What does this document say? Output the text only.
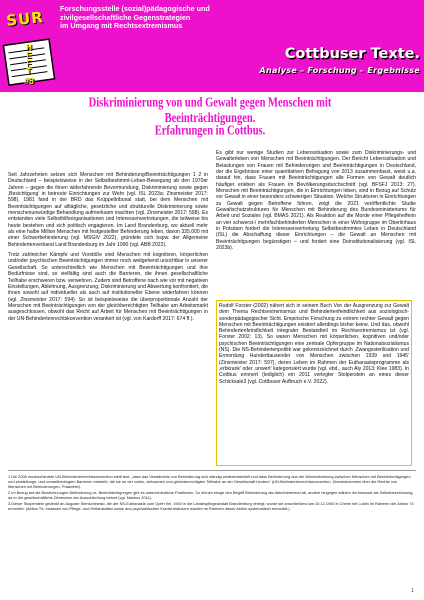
SUR
H
E
F
T
#3
Forschungsstelle (sozial)pädagogische und
zivilgesellschaftliche Gegenstrategien
im Umgang mit Rechtsextremismus
Cottbuser Texte.
Analyse – Forschung – Ergebnisse
Diskriminierung von und Gewalt gegen Menschen mit Beeinträchtigungen.
Erfahrungen in Cottbus.

Seit Jahrzehnten setzen sich Menschen mit Behinderung/Beeinträchtigungen 1 2 in Deutschland – beispielsweise in der Selbstbestimmt-Leben-Bewegung ab den 1970er Jahren – gegen die ihnen widerfahrende Bevormundung, Diskriminierung sowie gegen ‚Besichtigung' in betreute Einrichtungen zur Wehr (vgl. ISL 2023a; Zinsmeister 2017: 598). 1981 fand in der BRD das Krüppeltribunal statt, bei dem Menschen mit Beeinträchtigungen auf alltägliche, gesetzliche und strukturelle Diskriminierung sowie menschenunwürdige Behandlung aufmerksam machten (vgl. Zinsmeister 2017: 598). Es entstanden viele Selbsthilfeorganisationen und Interessenvertretungen, die teilweise bis heute bestehen und sich politisch engagieren. Im Land Brandenburg, wo aktuell mehr als eine halbe Million Menschen mit festgestellter Behinderung leben, davon 335.000 mit einer Schwerbehinderung (vgl. MSGIV 2022), gründete sich bspw. der Allgemeine Behindertenverband Land Brandenburg im Jahr 1990 (vgl. ABB 2022).

Trotz zahlreicher Kämpfe und Vorstöße sind Menschen mit kognitiven, körperlichen und/oder psychischen Beeinträchtigungen immer noch weitgehend unsichtbar in unserer Gesellschaft. So unterschiedlich wie Menschen mit Beeinträchtigungen und ihre Bedürfnisse sind, so vielfältig sind auch die Barrieren, die ihnen gesellschaftliche Teilhabe erschweren bzw. verwehren. Zudem sind Betroffene nach wie vor mit negativen Einstellungen, Ablehnung, Ausgrenzung, Diskriminierung und Abwertung konfrontiert, die ihnen sowohl auf individueller als auch auf institutioneller Ebene widerfahren können (vgl. Zinsmeister 2017: 594). So ist beispielsweise die überproportionale Anzahl der Menschen mit Beeinträchtigungen von der gleichberechtigten Teilhabe am Arbeitsmarkt ausgeschlossen, obwohl das Recht auf Arbeit für Menschen mit Beeinträchtigungen in der UN-Behindertenrechtskonvention verankert ist (vgl. von Kardorff 2017: 674 ff.).

Es gibt nur wenige Studien zur Lebenssituation sowie zum Diskriminierungs- und Gewalterleben von Menschen mit Beeinträchtigungen. Der Bericht Lebenssituation und Belastungen von Frauen mit Behinderungen und Beeinträchtigungen in Deutschland, der die Ergebnisse einer quantitativen Befragung von 2013 zusammenfasst, weist u.a. darauf hin, dass Frauen mit Beeinträchtigungen alle Formen von Gewalt deutlich häufiger erleben als Frauen im Bevölkerungsdurchschnitt (vgl. BFSFJ 2013: 27). Menschen mit Beeinträchtigungen, die in Einrichtungen leben, sind in Bezug auf Schutz vor Gewalt in einer besonders schwierigen Situation. Welche Strukturen in Einrichtungen zu Gewalt gegen Betroffene führen, zeigt die 2021 veröffentlichte Studie Gewaltschutzstrukturen für Menschen mit Behinderung des Bundesministeriums für Arbeit und Soziales (vgl. BMAS 2021). Als Reaktion auf die Morde einer Pflegehelferin an vier schwerst-/ mehrfachbehinderten Menschen in einer Wohngruppe im Oberlinhaus in Potsdam fordert die Interessenvertretung Selbstbestimmtes Leben in Deutschland (ISL) die Abschaffung dieser Einrichtungen – die Gewalt an Menschen mit Beeinträchtigungen begünstigen – und fordert eine Deinstitutionalisierung (vgl. ISL 2023b).

Rudolf Forster (2002) nähert sich in seinem Buch Von der Ausgrenzung zur Gewalt dem Thema Rechtsextremismus und Behindertenfeindlichkeit aus soziologisch-sonderpädagogischer Sicht. Empirische Forschung zu extrem rechter Gewalt gegen Menschen mit Beeinträchtigungen existiert allerdings bisher keine. Und das, obwohl Behindertenfeindlichkeit integraler Bestandteil im Rechtsextremismus ist (vgl. Forster 2002: 13). So waren Menschen mit körperlichen, kognitiven und/oder psychischen Beeinträchtigungen eine zentrale Opfergruppe im Nationalsozialismus (NS). Die NS-Behindertenpolitik war gekennzeichnet durch ‚Zwangssterilisation und Ermordung Hunderttausender von Menschen zwischen 1939 und 1945' (Zinsmeister 2017: 597), deren Leben im Rahmen der Euthanasieprogramme als ‚erbkrank' oder ‚unwert' kategorisiert wurde (vgl. ebd., auch Aly 2013; Klee 1983). In Cottbus erinnert (lediglich) ein 2011 verlegter Stolperstein an eines dieser Schicksale3 (vgl. Cottbuser Aufbruch e.V. 2022).

1 Die 2006 verabschiedete UN-Behindertenrechtskonvention stellt fest, „dass das Verständnis von Behinderung sich ständig weiterentwickelt und dass Behinderung aus der Wechselwirkung zwischen Menschen mit Beeinträchtigungen und einstellungs- und umweltbedingten Barrieren entsteht, die sie an der vollen, wirksamen und gleichberechtigten Teilhabe an der Gesellschaft hindern" (UN-Behindertenrechtskonvention, Übereinkommen über die Rechte von Menschen mit Behinderungen, Präambel).

2 Im Bezug auf die Bezeichnungen Behinderung vs. Beeinträchtigungen gibt es unterschiedliche Positionen. So lehnen einige den Begriff Behinderung als diskriminierend ab, andere hingegen wählen ihn bewusst als Selbstbezeichnung, da er die gesellschaftliche Dimension der Ausschließung betont (vgl. Maskos 2011).

3 Dieser Stolperstein gedenkt an Auguste Stenschewski, die der NS-Euthanasie zum Opfer fiel. 1940 in die Landespflegeanstalt Brandenburg verlegt, wurde sie anschließend am 10.12.1940 in Cheim bei Lublin im Rahmen der Aktion T4 ermordet. (Aktion T4: Insassen von Pflege- und Heilanstalten sowie aus psychiatrischen Krankenhäusern wurden im Rahmen dieser Aktion systematisch ermordet.)

1
